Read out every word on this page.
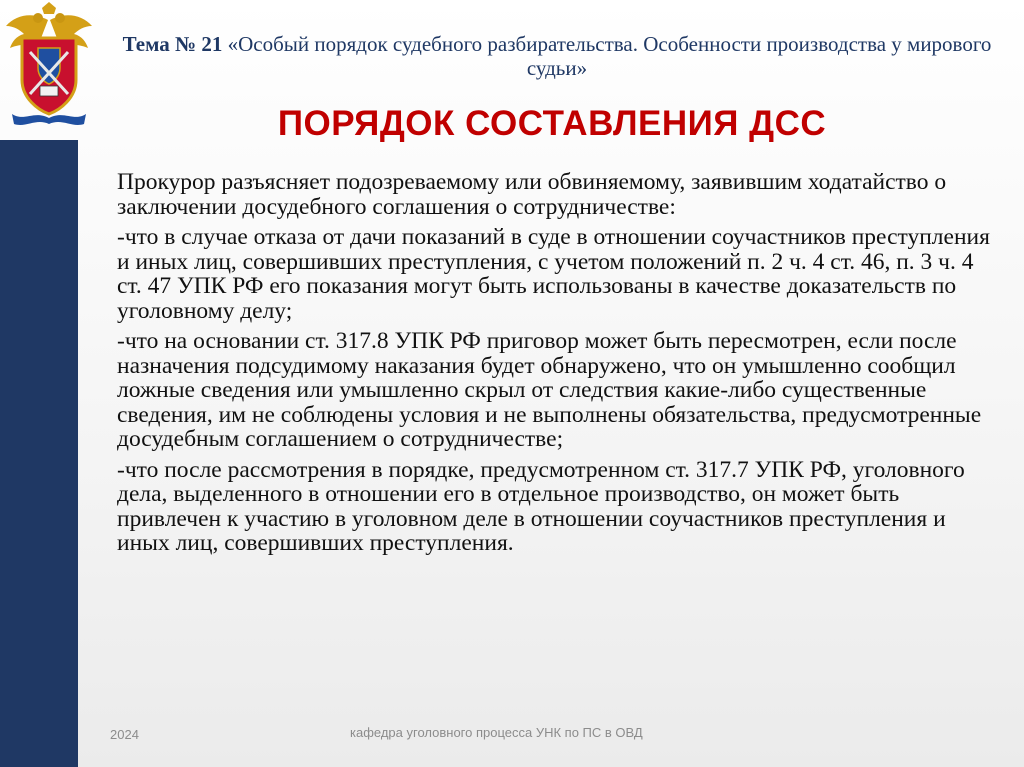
Тема № 21 «Особый порядок судебного разбирательства. Особенности производства у мирового судьи»
ПОРЯДОК СОСТАВЛЕНИЯ ДСС

Прокурор разъясняет подозреваемому или обвиняемому, заявившим ходатайство о заключении досудебного соглашения о сотрудничестве:

-что в случае отказа от дачи показаний в суде в отношении соучастников преступления и иных лиц, совершивших преступления, с учетом положений п. 2 ч. 4 ст. 46, п. 3 ч. 4 ст. 47 УПК РФ его показания могут быть использованы в качестве доказательств по уголовному делу;

-что на основании ст. 317.8 УПК РФ приговор может быть пересмотрен, если после назначения подсудимому наказания будет обнаружено, что он умышленно сообщил ложные сведения или умышленно скрыл от следствия какие-либо существенные сведения, им не соблюдены условия и не выполнены обязательства, предусмотренные досудебным соглашением о сотрудничестве;

-что после рассмотрения в порядке, предусмотренном ст. 317.7 УПК РФ, уголовного дела, выделенного в отношении его в отдельное производство, он может быть привлечен к участию в уголовном деле в отношении соучастников преступления и иных лиц, совершивших преступления.

2024	кафедра уголовного процесса УНК по ПС в ОВД
